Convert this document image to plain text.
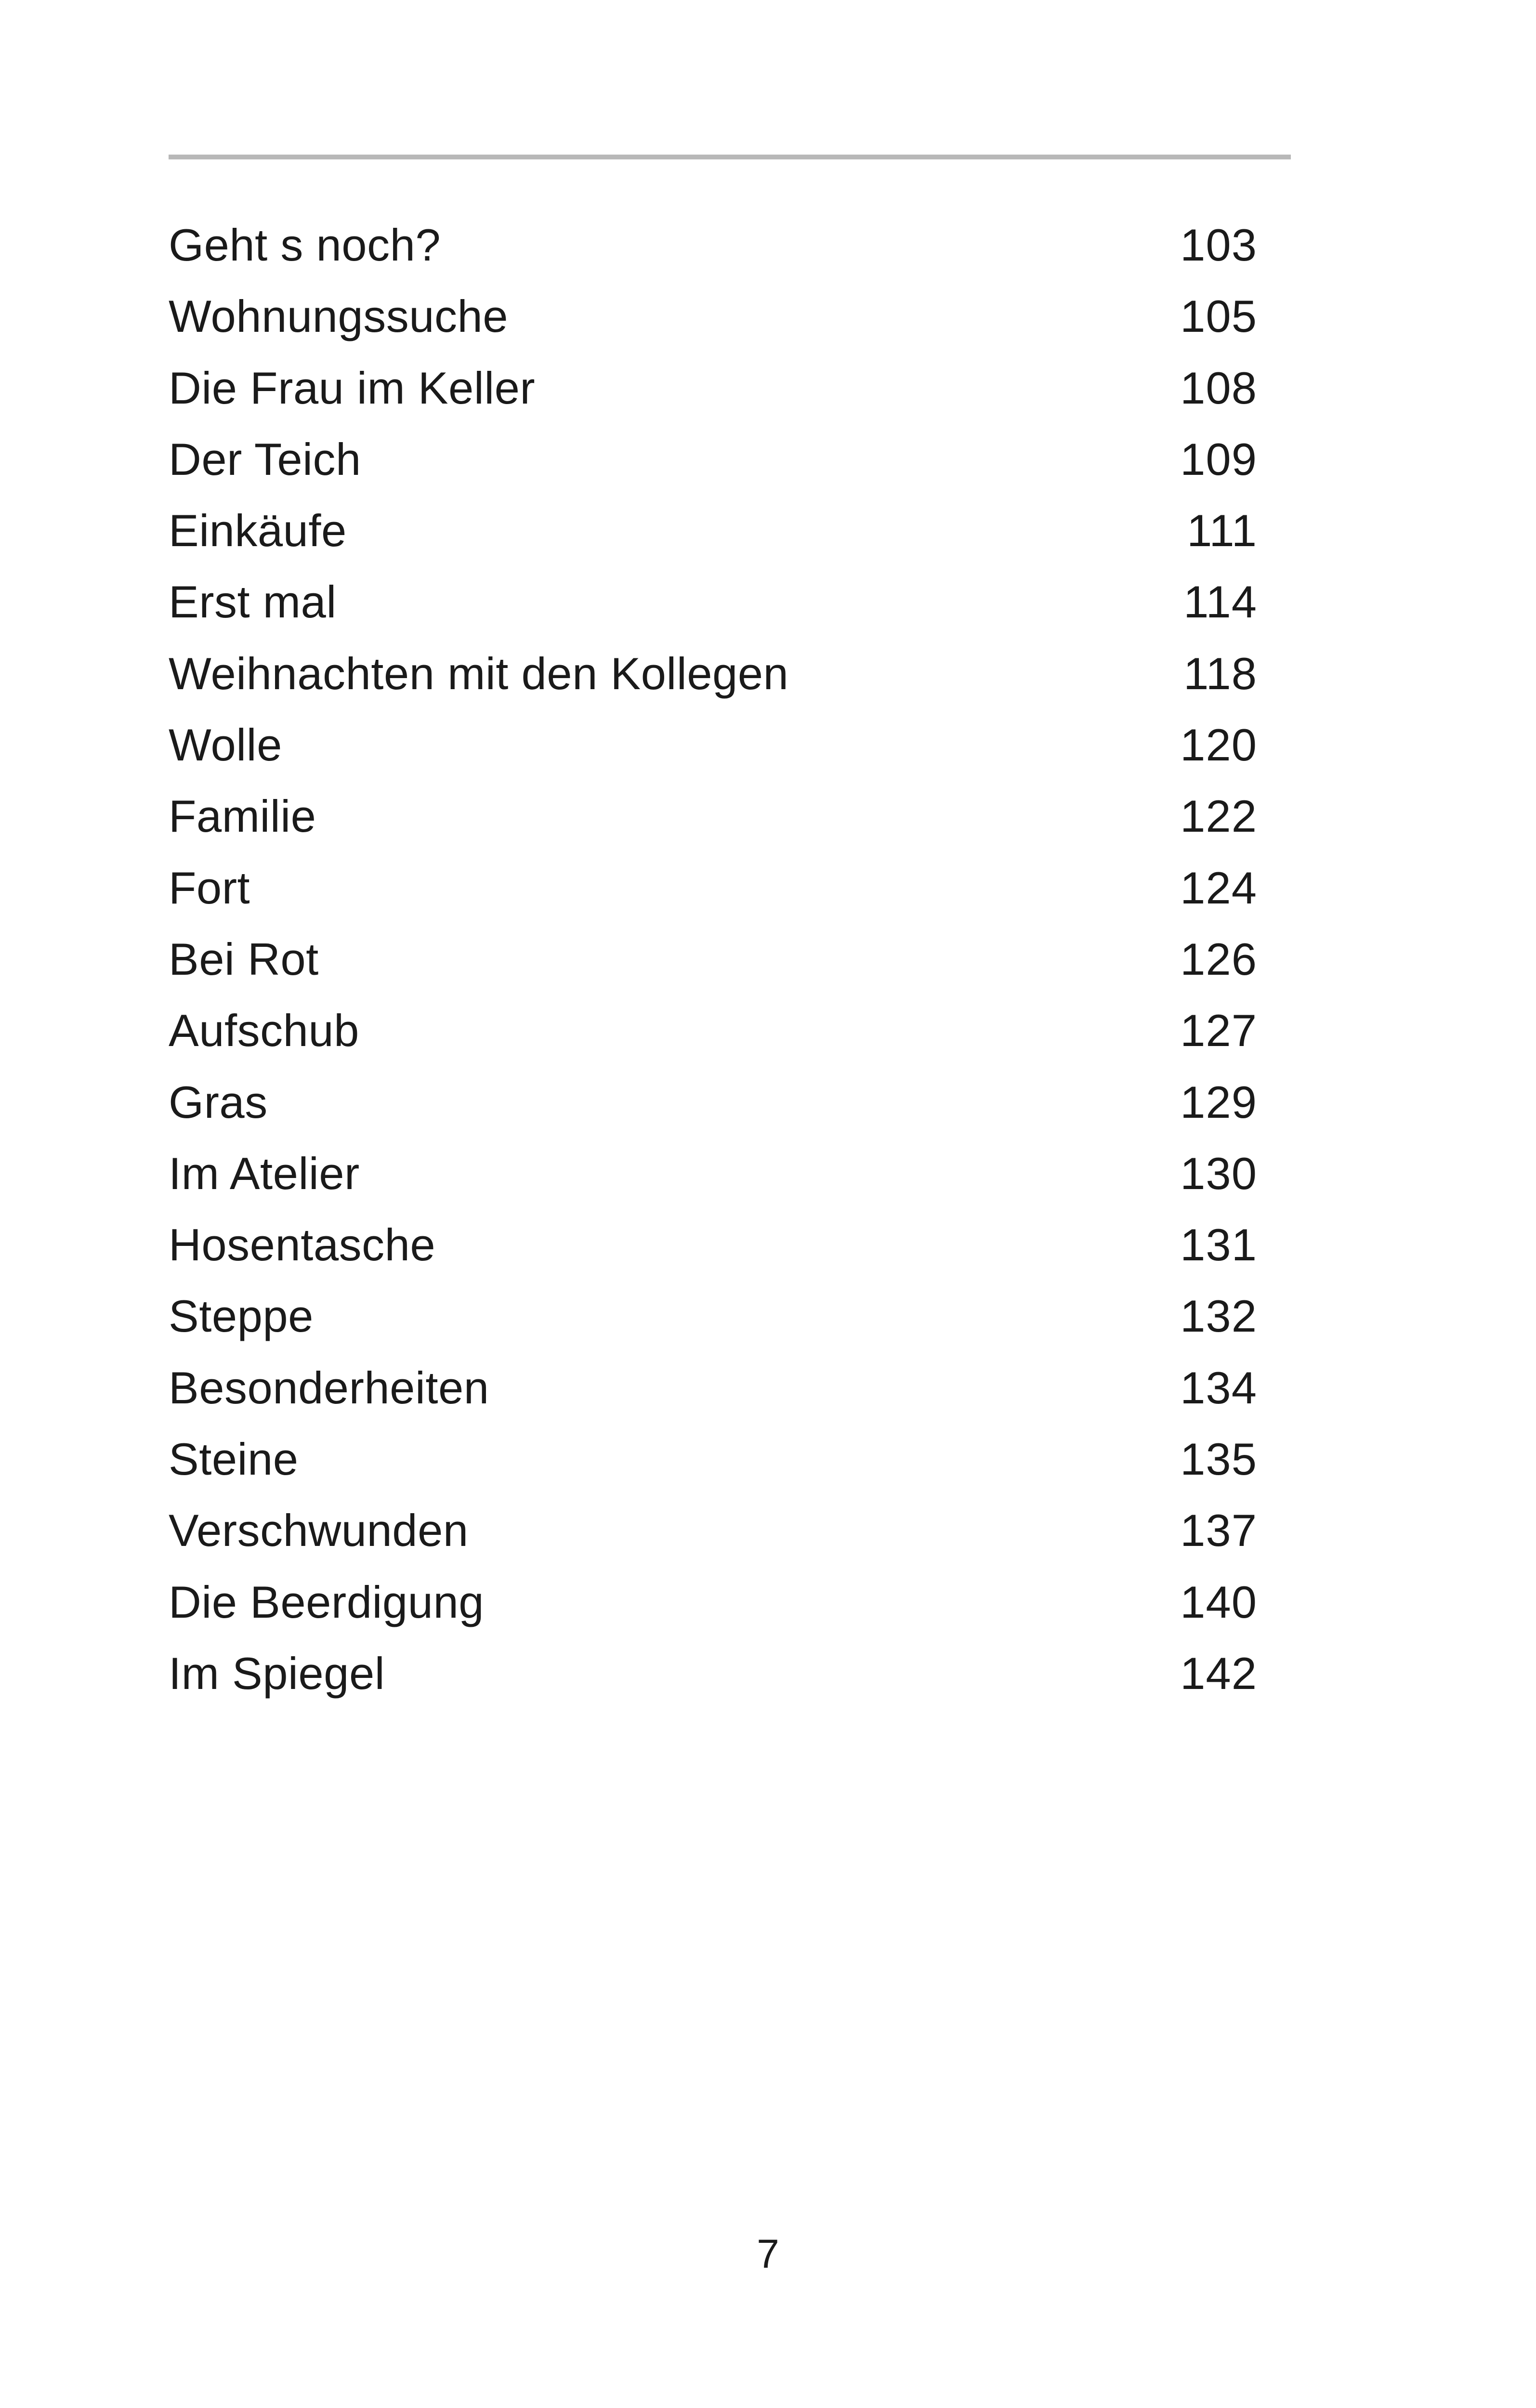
Geht s noch?	103
Wohnungssuche	105
Die Frau im Keller	108
Der Teich	109
Einkäufe	111
Erst mal	114
Weihnachten mit den Kollegen	118
Wolle	120
Familie	122
Fort	124
Bei Rot	126
Aufschub	127
Gras	129
Im Atelier	130
Hosentasche	131
Steppe	132
Besonderheiten	134
Steine	135
Verschwunden	137
Die Beerdigung	140
Im Spiegel	142
7
